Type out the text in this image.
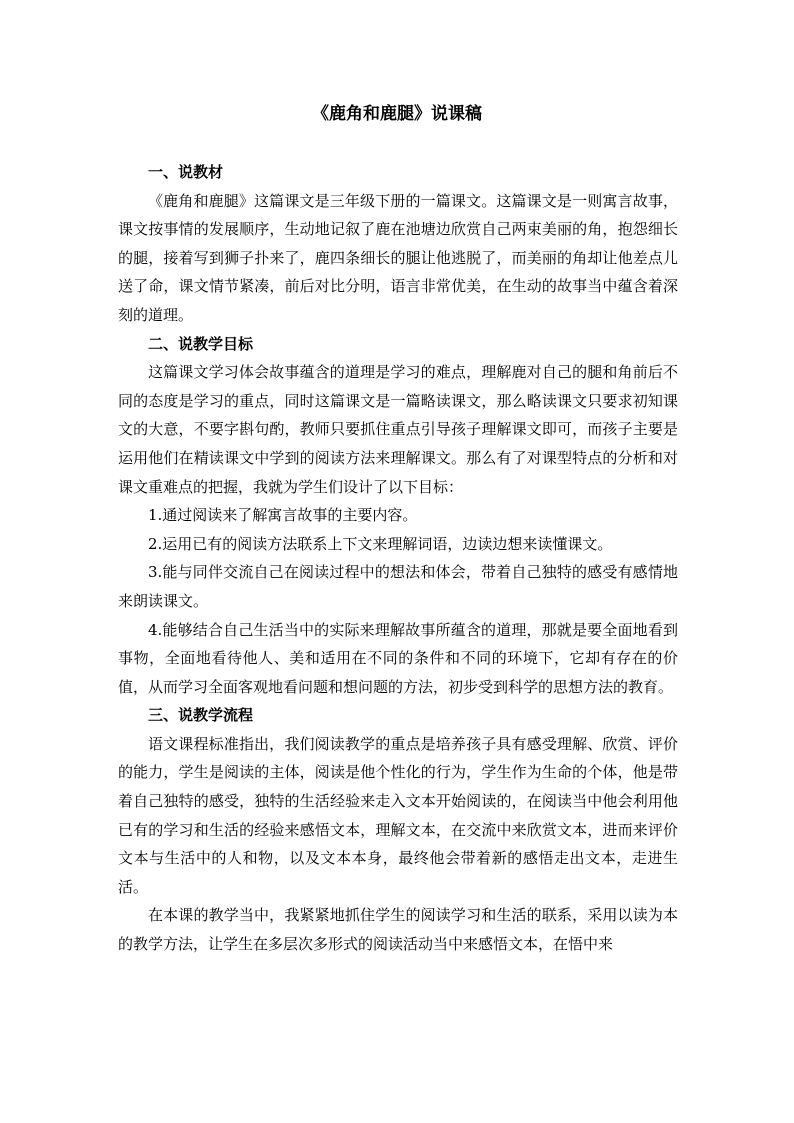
《鹿角和鹿腿》说课稿
一、说教材

《鹿角和鹿腿》这篇课文是三年级下册的一篇课文。这篇课文是一则寓言故事，课文按事情的发展顺序，生动地记叙了鹿在池塘边欣赏自己两束美丽的角，抱怨细长的腿，接着写到狮子扑来了，鹿四条细长的腿让他逃脱了，而美丽的角却让他差点儿送了命，课文情节紧凑，前后对比分明，语言非常优美，在生动的故事当中蕴含着深刻的道理。

二、说教学目标

这篇课文学习体会故事蕴含的道理是学习的难点，理解鹿对自己的腿和角前后不同的态度是学习的重点，同时这篇课文是一篇略读课文，那么略读课文只要求初知课文的大意，不要字斟句酌，教师只要抓住重点引导孩子理解课文即可，而孩子主要是运用他们在精读课文中学到的阅读方法来理解课文。那么有了对课型特点的分析和对课文重难点的把握，我就为学生们设计了以下目标：

1.通过阅读来了解寓言故事的主要内容。

2.运用已有的阅读方法联系上下文来理解词语，边读边想来读懂课文。

3.能与同伴交流自己在阅读过程中的想法和体会，带着自己独特的感受有感情地来朗读课文。

4.能够结合自己生活当中的实际来理解故事所蕴含的道理，那就是要全面地看到事物，全面地看待他人、美和适用在不同的条件和不同的环境下，它却有存在的价值，从而学习全面客观地看问题和想问题的方法，初步受到科学的思想方法的教育。

三、说教学流程

语文课程标准指出，我们阅读教学的重点是培养孩子具有感受理解、欣赏、评价的能力，学生是阅读的主体，阅读是他个性化的行为，学生作为生命的个体，他是带着自己独特的感受，独特的生活经验来走入文本开始阅读的，在阅读当中他会利用他已有的学习和生活的经验来感悟文本，理解文本，在交流中来欣赏文本，进而来评价文本与生活中的人和物，以及文本本身，最终他会带着新的感悟走出文本，走进生活。

在本课的教学当中，我紧紧地抓住学生的阅读学习和生活的联系，采用以读为本的教学方法，让学生在多层次多形式的阅读活动当中来感悟文本，在悟中来
